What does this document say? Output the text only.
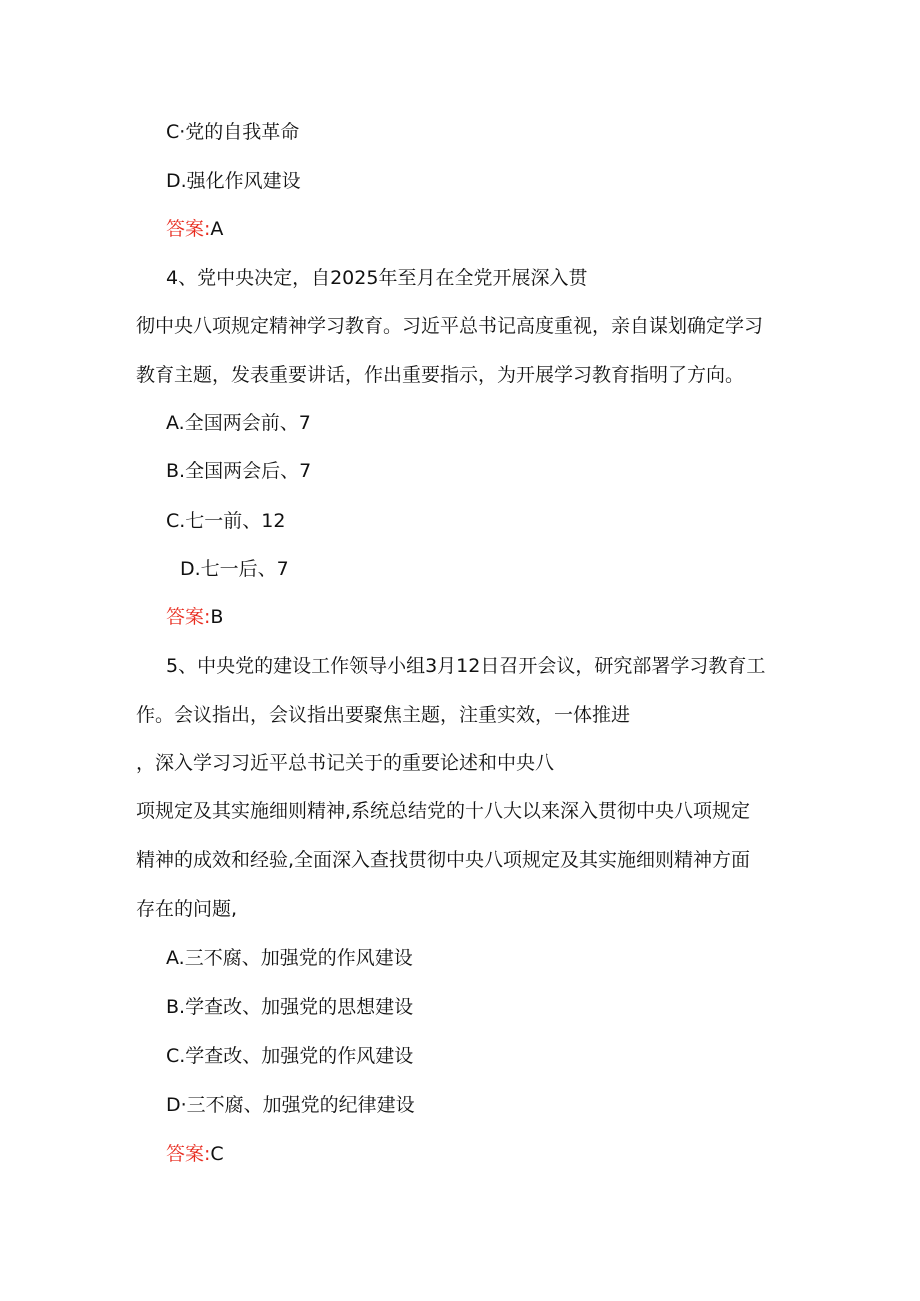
C·党的自我革命
D.强化作风建设
答案:A
4、党中央决定，自2025年至月在全党开展深入贯
彻中央八项规定精神学习教育。习近平总书记高度重视，亲自谋划确定学习
教育主题，发表重要讲话，作出重要指示，为开展学习教育指明了方向。
A.全国两会前、7
B.全国两会后、7
C.七一前、12
D.七一后、7
答案:B
5、中央党的建设工作领导小组3月12日召开会议，研究部署学习教育工
作。会议指出，会议指出要聚焦主题，注重实效，一体推进
，深入学习习近平总书记关于的重要论述和中央八
项规定及其实施细则精神,系统总结党的十八大以来深入贯彻中央八项规定
精神的成效和经验,全面深入查找贯彻中央八项规定及其实施细则精神方面
存在的问题,
A.三不腐、加强党的作风建设
B.学查改、加强党的思想建设
C.学查改、加强党的作风建设
D·三不腐、加强党的纪律建设
答案:C
